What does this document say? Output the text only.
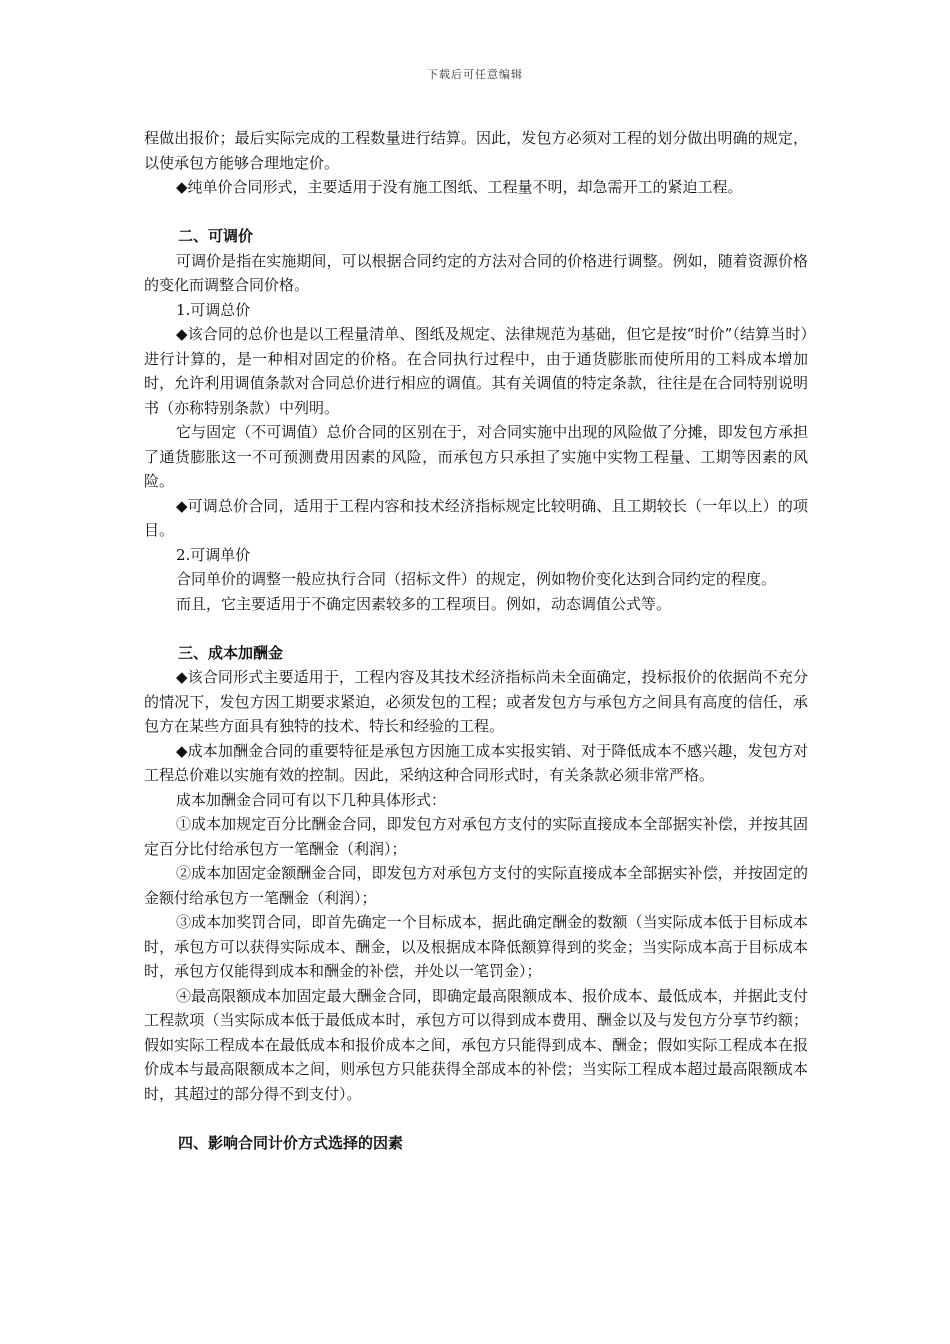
下载后可任意编辑

程做出报价；最后实际完成的工程数量进行结算。因此，发包方必须对工程的划分做出明确的规定，以使承包方能够合理地定价。

◆纯单价合同形式，主要适用于没有施工图纸、工程量不明，却急需开工的紧迫工程。

二、可调价

可调价是指在实施期间，可以根据合同约定的方法对合同的价格进行调整。例如，随着资源价格的变化而调整合同价格。

1.可调总价

◆该合同的总价也是以工程量清单、图纸及规定、法律规范为基础，但它是按“时价”（结算当时）进行计算的，是一种相对固定的价格。在合同执行过程中，由于通货膨胀而使所用的工料成本增加时，允许利用调值条款对合同总价进行相应的调值。其有关调值的特定条款，往往是在合同特别说明书（亦称特别条款）中列明。

它与固定（不可调值）总价合同的区别在于，对合同实施中出现的风险做了分摊，即发包方承担了通货膨胀这一不可预测费用因素的风险，而承包方只承担了实施中实物工程量、工期等因素的风险。

◆可调总价合同，适用于工程内容和技术经济指标规定比较明确、且工期较长（一年以上）的项目。

2.可调单价

合同单价的调整一般应执行合同（招标文件）的规定，例如物价变化达到合同约定的程度。

而且，它主要适用于不确定因素较多的工程项目。例如，动态调值公式等。

三、成本加酬金

◆该合同形式主要适用于，工程内容及其技术经济指标尚未全面确定，投标报价的依据尚不充分的情况下，发包方因工期要求紧迫，必须发包的工程；或者发包方与承包方之间具有高度的信任，承包方在某些方面具有独特的技术、特长和经验的工程。

◆成本加酬金合同的重要特征是承包方因施工成本实报实销、对于降低成本不感兴趣，发包方对工程总价难以实施有效的控制。因此，采纳这种合同形式时，有关条款必须非常严格。

成本加酬金合同可有以下几种具体形式：

①成本加规定百分比酬金合同，即发包方对承包方支付的实际直接成本全部据实补偿，并按其固定百分比付给承包方一笔酬金（利润）；

②成本加固定金额酬金合同，即发包方对承包方支付的实际直接成本全部据实补偿，并按固定的金额付给承包方一笔酬金（利润）；

③成本加奖罚合同，即首先确定一个目标成本，据此确定酬金的数额（当实际成本低于目标成本时，承包方可以获得实际成本、酬金，以及根据成本降低额算得到的奖金；当实际成本高于目标成本时，承包方仅能得到成本和酬金的补偿，并处以一笔罚金）；

④最高限额成本加固定最大酬金合同，即确定最高限额成本、报价成本、最低成本，并据此支付工程款项（当实际成本低于最低成本时，承包方可以得到成本费用、酬金以及与发包方分享节约额；假如实际工程成本在最低成本和报价成本之间，承包方只能得到成本、酬金；假如实际工程成本在报价成本与最高限额成本之间，则承包方只能获得全部成本的补偿；当实际工程成本超过最高限额成本时，其超过的部分得不到支付）。

四、影响合同计价方式选择的因素
